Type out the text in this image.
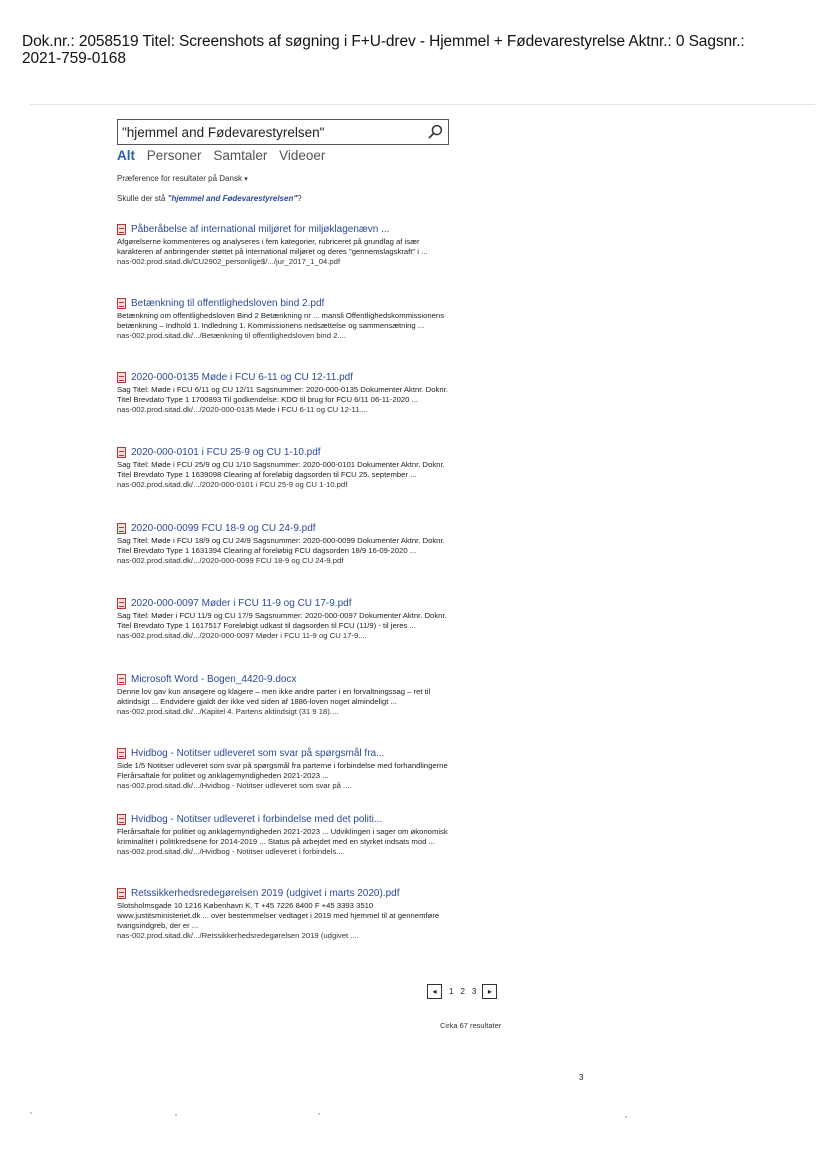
Dok.nr.: 2058519 Titel: Screenshots af søgning i F+U-drev - Hjemmel + Fødevarestyrelse Aktnr.: 0 Sagsnr.:
2021-759-0168
"hjemmel and Fødevarestyrelsen"
Alt Personer Samtaler Videoer
Præference for resultater på Dansk ▾
Skulle der stå "hjemmel and Fødevarestyrelsen"?
Påberåbelse af international miljøret for miljøklagenævn ...
Afgørelserne kommenteres og analyseres i fem kategorier, rubriceret på grundlag af især karakteren af anbringender støttet på international miljøret og deres "gennemslagskraft" i ...
nas-002.prod.sitad.dk/CU2902_personlige$/.../jur_2017_1_04.pdf
Betænkning til offentlighedsloven bind 2.pdf
Betænkning om offentlighedsloven Bind 2 Betænkning nr ... mansli Offentlighedskommissionens betænkning – Indhold 1. Indledning 1. Kommissionens nedsættelse og sammensætning ...
nas-002.prod.sitad.dk/.../Betænkning til offentlighedsloven bind 2....
2020-000-0135 Møde i FCU 6-11 og CU 12-11.pdf
Sag Titel: Møde i FCU 6/11 og CU 12/11 Sagsnummer: 2020-000-0135 Dokumenter Aktnr. Doknr. Titel Brevdato Type 1 1700893 Til godkendelse: KDO til brug for FCU 6/11 06-11-2020 ...
nas-002.prod.sitad.dk/.../2020-000-0135 Møde i FCU 6-11 og CU 12-11....
2020-000-0101 i FCU 25-9 og CU 1-10.pdf
Sag Titel: Møde i FCU 25/9 og CU 1/10 Sagsnummer: 2020-000-0101 Dokumenter Aktnr. Doknr. Titel Brevdato Type 1 1639098 Clearing af foreløbig dagsorden til FCU 25. september ...
nas-002.prod.sitad.dk/.../2020-000-0101 i FCU 25-9 og CU 1-10.pdf
2020-000-0099 FCU 18-9 og CU 24-9.pdf
Sag Titel: Møde i FCU 18/9 og CU 24/9 Sagsnummer: 2020-000-0099 Dokumenter Aktnr. Doknr. Titel Brevdato Type 1 1631394 Clearing af foreløbig FCU dagsorden 18/9 16-09-2020 ...
nas-002.prod.sitad.dk/.../2020-000-0099 FCU 18-9 og CU 24-9.pdf
2020-000-0097 Møder i FCU 11-9 og CU 17-9.pdf
Sag Titel: Møder i FCU 11/9 og CU 17/9 Sagsnummer: 2020-000-0097 Dokumenter Aktnr. Doknr. Titel Brevdato Type 1 1617517 Foreløbigt udkast til dagsorden til FCU (11/9) - til jeres ...
nas-002.prod.sitad.dk/.../2020-000-0097 Møder i FCU 11-9 og CU 17-9....
Microsoft Word - Bogen_4420-9.docx
Denne lov gav kun ansøgere og klagere – men ikke andre parter i en forvaltningssag – ret til aktindsigt ... Endvidere gjaldt der ikke ved siden af 1886-loven noget almindeligt ...
nas-002.prod.sitad.dk/.../Kapitel 4. Partens aktindsigt (31 9 18)....
Hvidbog - Notitser udleveret som svar på spørgsmål fra...
Side 1/5 Notitser udleveret som svar på spørgsmål fra parterne i forbindelse med forhandlingerne Flerårsaftale for politiet og anklagemyndigheden 2021-2023 ...
nas-002.prod.sitad.dk/.../Hvidbog - Notitser udleveret som svar på ....
Hvidbog - Notitser udleveret i forbindelse med det politi...
Flerårsaftale for politiet og anklagemyndigheden 2021-2023 ... Udviklingen i sager om økonomisk kriminalitet i politikredsene for 2014-2019 ... Status på arbejdet med en styrket indsats mod ...
nas-002.prod.sitad.dk/.../Hvidbog - Notitser udleveret i forbindels....
Retssikkerhedsredegørelsen 2019 (udgivet i marts 2020).pdf
Slotsholmsgade 10 1216 København K. T +45 7226 8400 F +45 3393 3510 www.justitsministeriet.dk ... over bestemmelser vedtaget i 2019 med hjemmel til at gennemføre tvangsindgreb, der er ...
nas-002.prod.sitad.dk/.../Retssikkerhedsredegørelsen 2019 (udgivet ....
◂	1 2 3	▸
Cirka 67 resultater
3
